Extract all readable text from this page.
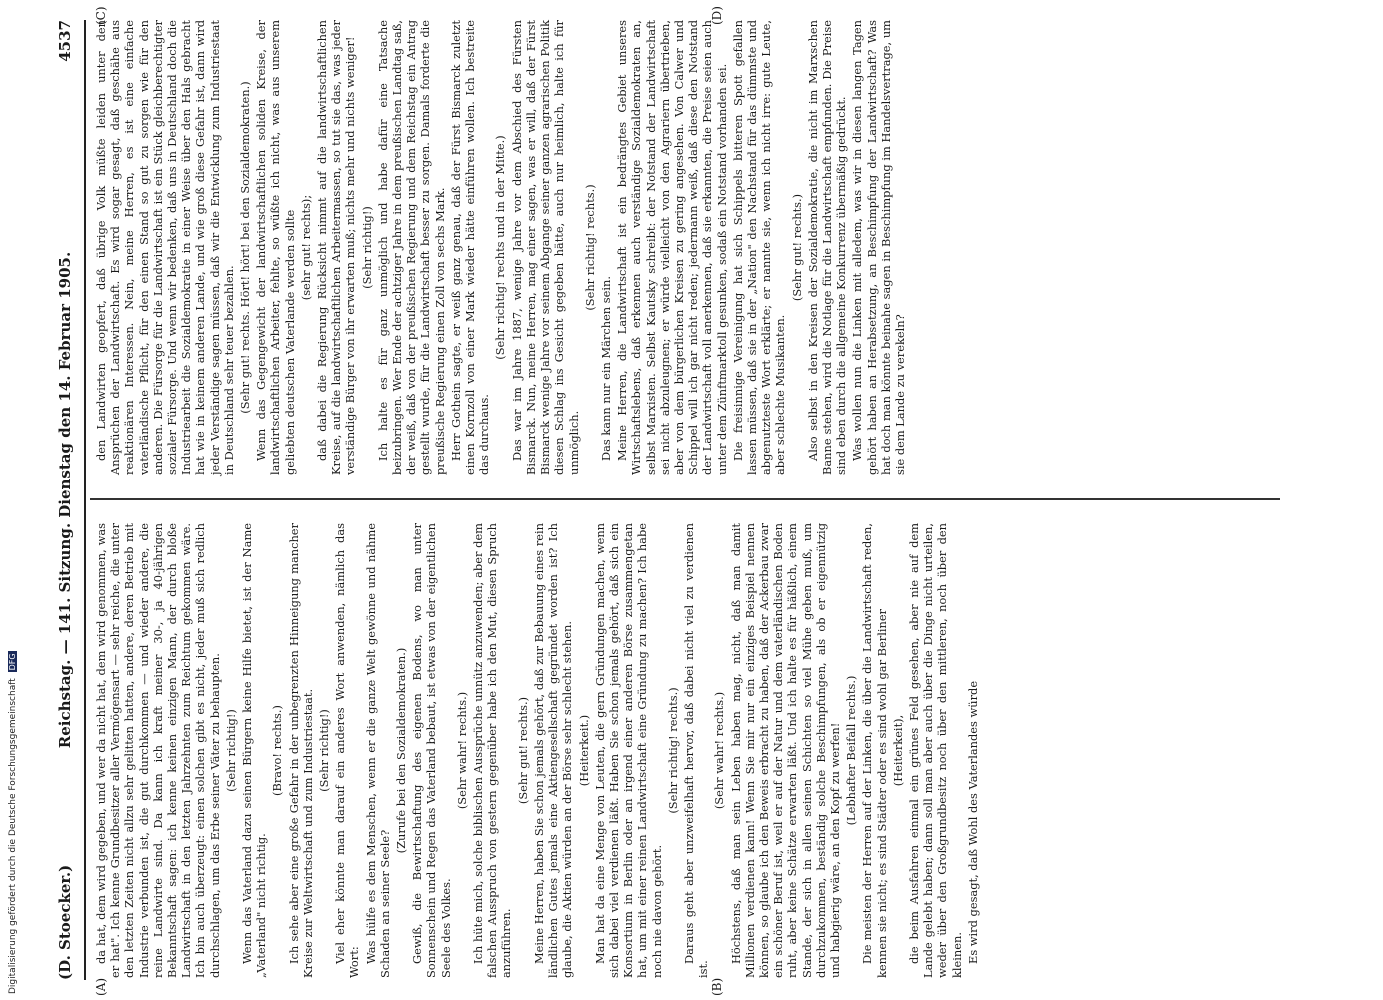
(D. Stoecker.)
Reichstag. — 141. Sitzung. Dienstag den 14. Februar 1905.
4537
(A)	(B)
(C)	(D)

da hat, dem wird gegeben, und wer da nicht hat, dem wird genommen, was er hat". Ich kenne Grundbesitzer aller Vermögensart — sehr reiche, die unter den letzten Zeiten nicht allzu sehr gelitten hatten, andere, deren Betrieb mit Industrie verbunden ist, die gut durchkommen — und wieder andere, die reine Landwirte sind. Da kann ich kraft meiner 30-, ja 40-jährigen Bekanntschaft sagen: ich kenne keinen einzigen Mann, der durch bloße Landwirtschaft in den letzten Jahrzehnten zum Reichtum gekommen wäre. Ich bin auch überzeugt: einen solchen gibt es nicht, jeder muß sich redlich durchschlagen, um das Erbe seiner Väter zu behaupten. (Sehr richtig!) Wenn das Vaterland dazu seinen Bürgern keine Hilfe bietet, ist der Name „Vaterland" nicht richtig.

(Bravo! rechts.) Ich sehe aber eine große Gefahr in der unbegrenzten Hinneigung mancher Kreise zur Weltwirtschaft und zum Industriestaat. (Sehr richtig!) Viel eher könnte man darauf ein anderes Wort anwenden, nämlich das Wort: Was hülfe es dem Menschen, wenn er die ganze Welt gewönne und nähme Schaden an seiner Seele?

(Zurufe bei den Sozialdemokraten.) Gewiß, die Bewirtschaftung des eigenen Bodens, wo man unter Sonnenschein und Regen das Vaterland bebaut, ist etwas von der eigentlichen Seele des Volkes.

(Sehr wahr! rechts.) Ich hüte mich, solche biblischen Aussprüche unnütz anzuwenden; aber dem falschen Ausspruch von gestern gegenüber habe ich den Mut, diesen Spruch anzuführen.

(Sehr gut! rechts.) Meine Herren, haben Sie schon jemals gehört, daß zur Bebauung eines rein ländlichen Gutes jemals eine Aktiengesellschaft gegründet worden ist? Ich glaube, die Aktien würden an der Börse sehr schlecht stehen. (Heiterkeit.) Man hat da eine Menge von Leuten, die gern Gründungen machen, wenn sich dabei viel verdienen läßt. Haben Sie schon jemals gehört, daß sich ein Konsortium in Berlin oder an irgend einer anderen Börse zusammengetan hat, um mit einer reinen Landwirtschaft eine Gründung zu machen? Ich habe noch nie davon gehört.

(Sehr richtig! rechts.) Daraus geht aber unzweifelhaft hervor, daß dabei nicht viel zu verdienen ist.

(Sehr wahr! rechts.) Höchstens, daß man sein Leben haben mag, nicht, daß man damit Millionen verdienen kann! Wenn Sie mir nur ein einziges Beispiel nennen können, so glaube ich den Beweis erbracht zu haben, daß der Ackerbau zwar ein schöner Beruf ist, weil er auf der Natur und dem vaterländischen Boden ruht, aber keine Schätze erwarten läßt. Und ich halte es für häßlich, einem Stande, der sich in allen seinen Schichten so viel Mühe geben muß, um durchzukommen, beständig solche Beschimpfungen, als ob er eigennützig und habgierig wäre, an den Kopf zu werfen! (Lebhafter Beifall rechts.) Die meisten der Herren auf der Linken, die über die Landwirtschaft reden, kennen sie nicht; es sind Städter oder es sind wohl gar Berliner (Heiterkeit), die beim Ausfahren einmal ein grünes Feld gesehen, aber nie auf dem Lande gelebt haben; dann soll man aber auch über die Dinge nicht urteilen, weder über den Großgrundbesitz noch über den mittleren, noch über den kleinen. Es wird gesagt, daß Wohl des Vaterlandes würde

den Landwirten geopfert, daß übrige Volk müßte leiden unter den Ansprüchen der Landwirtschaft. Es wird sogar gesagt, daß geschähe aus reaktionären Interessen. Nein, meine Herren, es ist eine einfache vaterländische Pflicht, für den einen Stand so gut zu sorgen wie für den anderen. Die Fürsorge für die Landwirtschaft ist ein Stück gleichberechtigter sozialer Fürsorge. Und wenn wir bedenken, daß uns in Deutschland doch die Industriearbeit die Sozialdemokratie in einer Weise über den Hals gebracht hat wie in keinem anderen Lande, und wie groß diese Gefahr ist, dann wird jeder Verständige sagen müssen, daß wir die Entwicklung zum Industriestaat in Deutschland sehr teuer bezahlen. (Sehr gut! rechts. Hört! hört! bei den Sozialdemokraten.) Wenn das Gegengewicht der landwirtschaftlichen soliden Kreise, der landwirtschaftlichen Arbeiter, fehlte, so wüßte ich nicht, was aus unserem geliebten deutschen Vaterlande werden sollte (sehr gut! rechts); daß dabei die Regierung Rücksicht nimmt auf die landwirtschaftlichen Kreise, auf die landwirtschaftlichen Arbeitermassen, so tut sie das, was jeder verständige Bürger von ihr erwarten muß; nichts mehr und nichts weniger! (Sehr richtig!) Ich halte es für ganz unmöglich und habe dafür eine Tatsache beizubringen. Wer Ende der achtziger Jahre in dem preußischen Landtag saß, der weiß, daß von der preußischen Regierung und dem Reichstag ein Antrag gestellt wurde, für die Landwirtschaft besser zu sorgen. Damals forderte die preußische Regierung einen Zoll von sechs Mark. Herr Gothein sagte, er weiß ganz genau, daß der Fürst Bismarck zuletzt einen Kornzoll von einer Mark wieder hätte einführen wollen. Ich bestreite das durchaus.

(Sehr richtig! rechts und in der Mitte.) Das war im Jahre 1887, wenige Jahre vor dem Abschied des Fürsten Bismarck. Nun, meine Herren, mag einer sagen, was er will, daß der Fürst Bismarck wenige Jahre vor seinem Abgange seiner ganzen agrarischen Politik diesen Schlag ins Gesicht gegeben hätte, auch nur heimlich, halte ich für unmöglich.

(Sehr richtig! rechts.)

Das kann nur ein Märchen sein. Meine Herren, die Landwirtschaft ist ein bedrängtes Gebiet unseres Wirtschaftslebens, daß erkennen auch verständige Sozialdemokraten an, selbst Marxisten. Selbst Kautsky schreibt: der Notstand der Landwirtschaft sei nicht abzuleugnen; er würde vielleicht von den Agrariern übertrieben, aber von dem bürgerlichen Kreisen zu gering angesehen. Von Calwer und Schippel will ich gar nicht reden; jedermann weiß, daß diese den Notstand der Landwirtschaft voll anerkennen, daß sie erkannten, die Preise seien auch unter dem Zünftmarktoll gesunken, sodaß ein Notstand vorhanden sei. Die freisinnige Vereinigung hat sich Schippels bitteren Spott gefallen lassen müssen, daß sie in der „Nation" den Nachstand für das dümmste und abgenutzteste Wort erklärte; er nannte sie, wenn ich nicht irre: gute Leute, aber schlechte Musikanten.

(Sehr gut! rechts.) Also selbst in den Kreisen der Sozialdemokratie, die nicht im Marxschen Banne stehen, wird die Notlage für die Landwirtschaft empfunden. Die Preise sind eben durch die allgemeine Konkurrenz übermäßig gedrückt. Was wollen nun die Linken mit alledem, was wir in diesen langen Tagen gehört haben an Herabsetzung, an Beschimpfung der Landwirtschaft? Was hat doch man könnte beinahe sagen in Beschimpfung im Handelsvertrage, um sie dem Lande zu verekeln?

Digitalisierung gefördert durch die Deutsche Forschungsgemeinschaft DFG
